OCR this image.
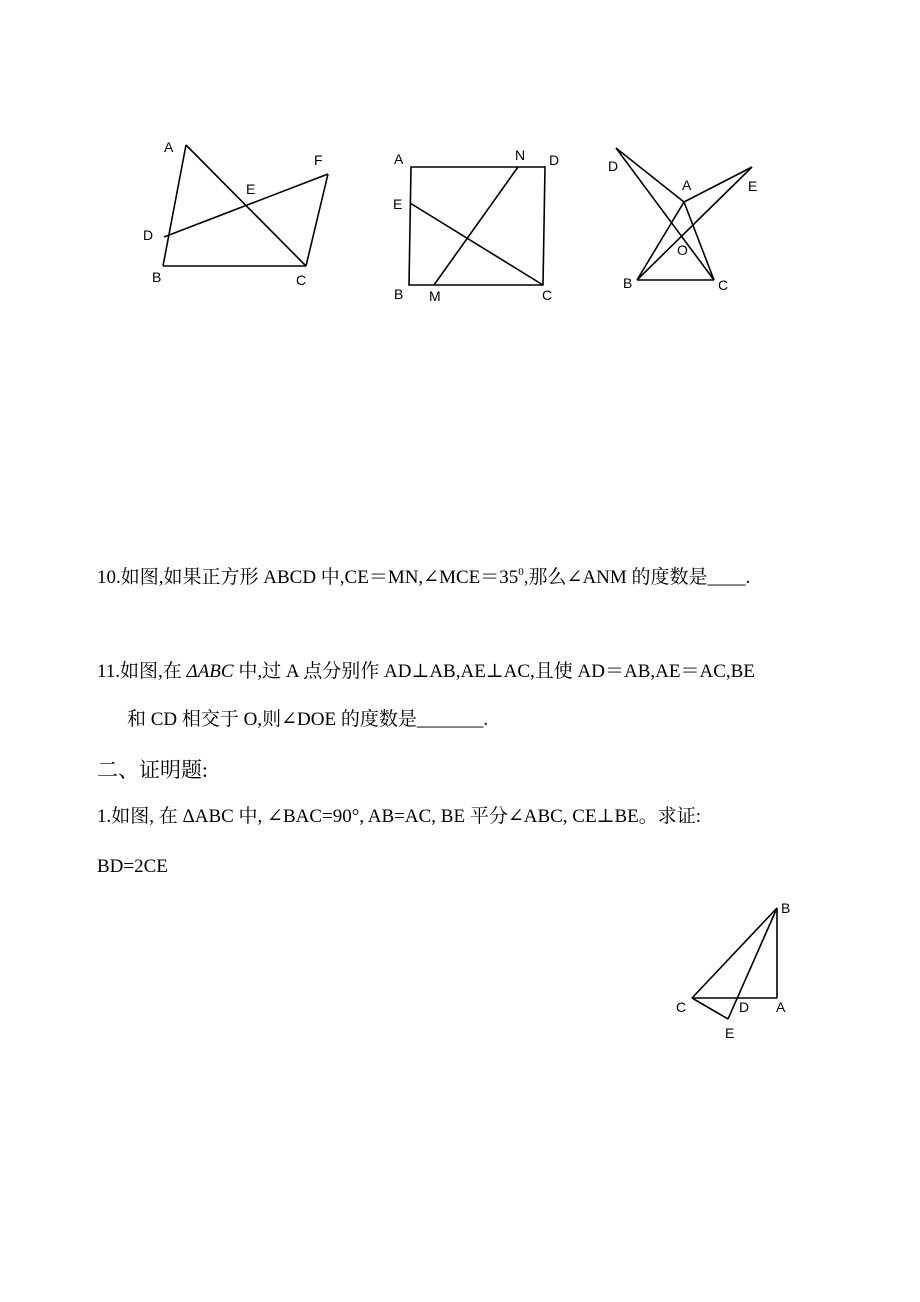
A
B	C
D
E
F	A
B	C
D
E
M
N
D
A	E
O
B	C
10.如图,如果正方形 ABCD 中$,CE=MN,\angle MCE=35^0$,那么∠ANM 的度数是____.
11.如图,在 ΔABC 中,过 A 点分别作 AD⊥AB,AE⊥AC,且使 AD＝AB,AE＝AC,BE
和 CD 相交于 O,则∠DOE 的度数是_______.
二、证明题:
1.如图, 在 ΔABC 中, ∠BAC=90°, AB=AC, BE 平分∠ABC, CE⊥BE。求证:
BD=2CE
B
C	D A
E
